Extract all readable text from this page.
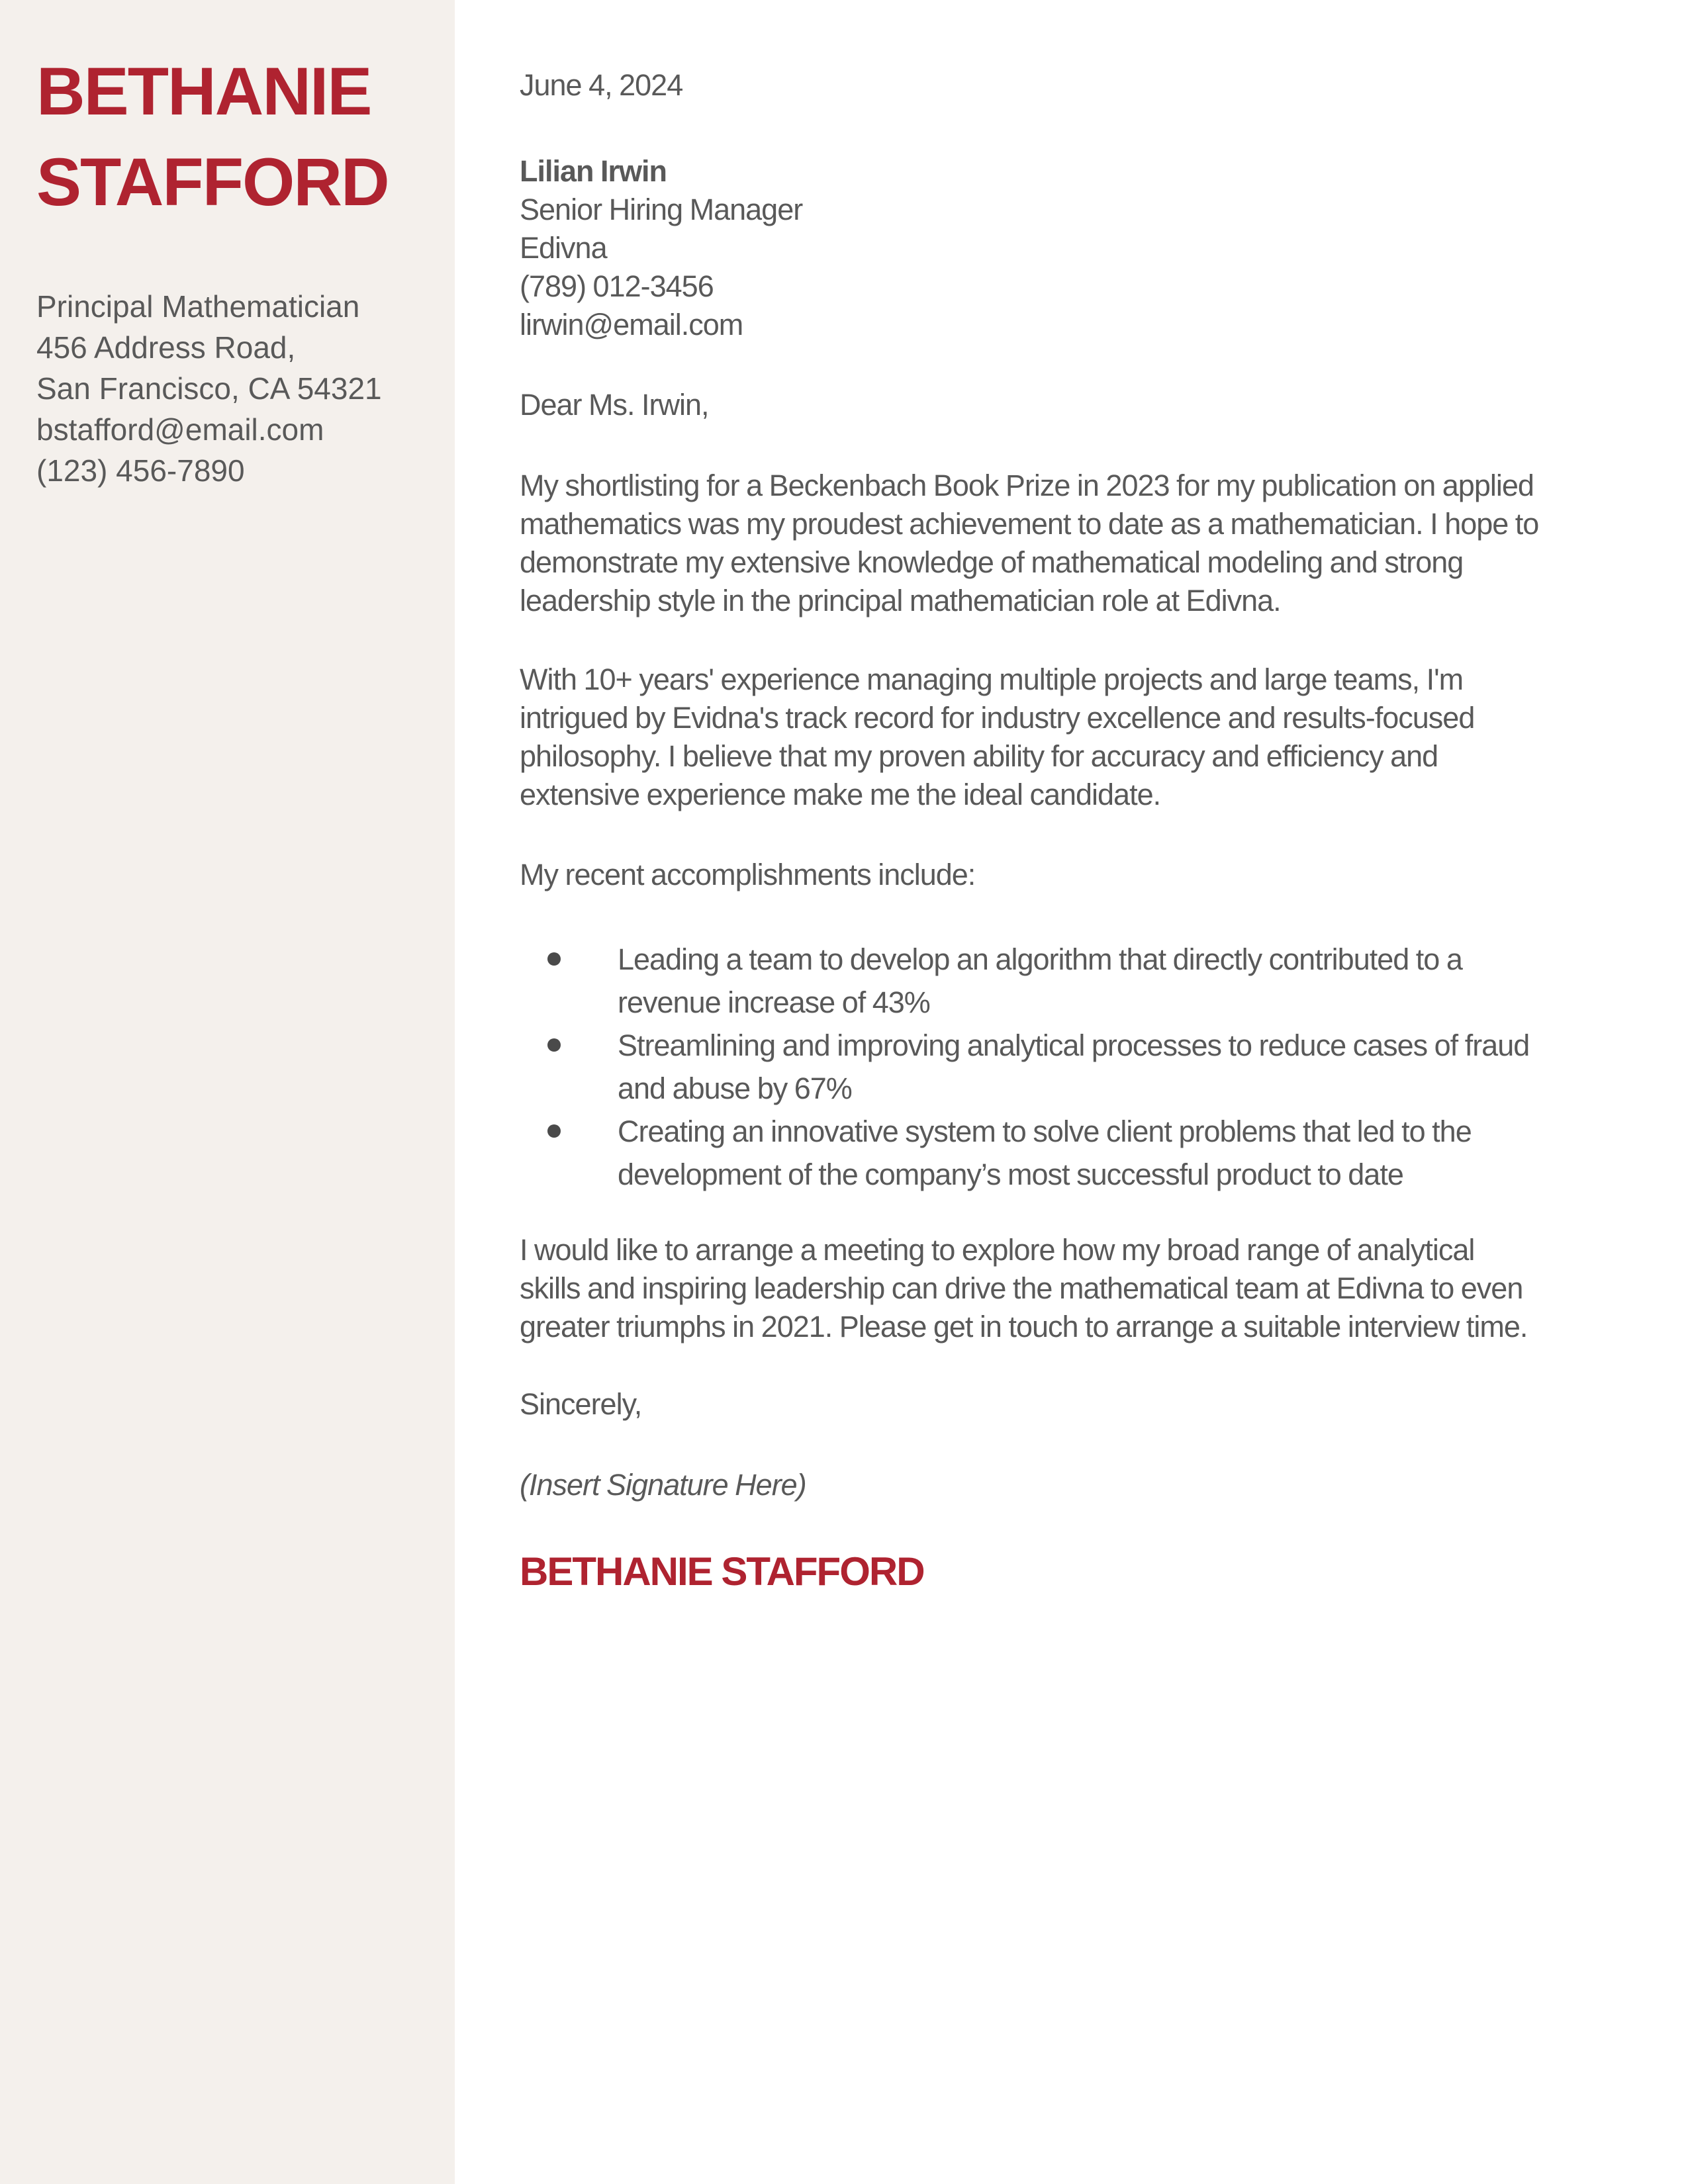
BETHANIE
STAFFORD
Principal Mathematician
456 Address Road,
San Francisco, CA 54321
bstafford@email.com
(123) 456-7890
June 4, 2024
Lilian Irwin
Senior Hiring Manager
Edivna
(789) 012-3456
lirwin@email.com
Dear Ms. Irwin,
My shortlisting for a Beckenbach Book Prize in 2023 for my publication on applied
mathematics was my proudest achievement to date as a mathematician. I hope to
demonstrate my extensive knowledge of mathematical modeling and strong
leadership style in the principal mathematician role at Edivna.
With 10+ years' experience managing multiple projects and large teams, I'm
intrigued by Evidna's track record for industry excellence and results-focused
philosophy. I believe that my proven ability for accuracy and efficiency and
extensive experience make me the ideal candidate.
My recent accomplishments include:
Leading a team to develop an algorithm that directly contributed to a
revenue increase of 43%
Streamlining and improving analytical processes to reduce cases of fraud
and abuse by 67%
Creating an innovative system to solve client problems that led to the
development of the company’s most successful product to date
I would like to arrange a meeting to explore how my broad range of analytical
skills and inspiring leadership can drive the mathematical team at Edivna to even
greater triumphs in 2021. Please get in touch to arrange a suitable interview time.
Sincerely,
(Insert Signature Here)
BETHANIE STAFFORD
